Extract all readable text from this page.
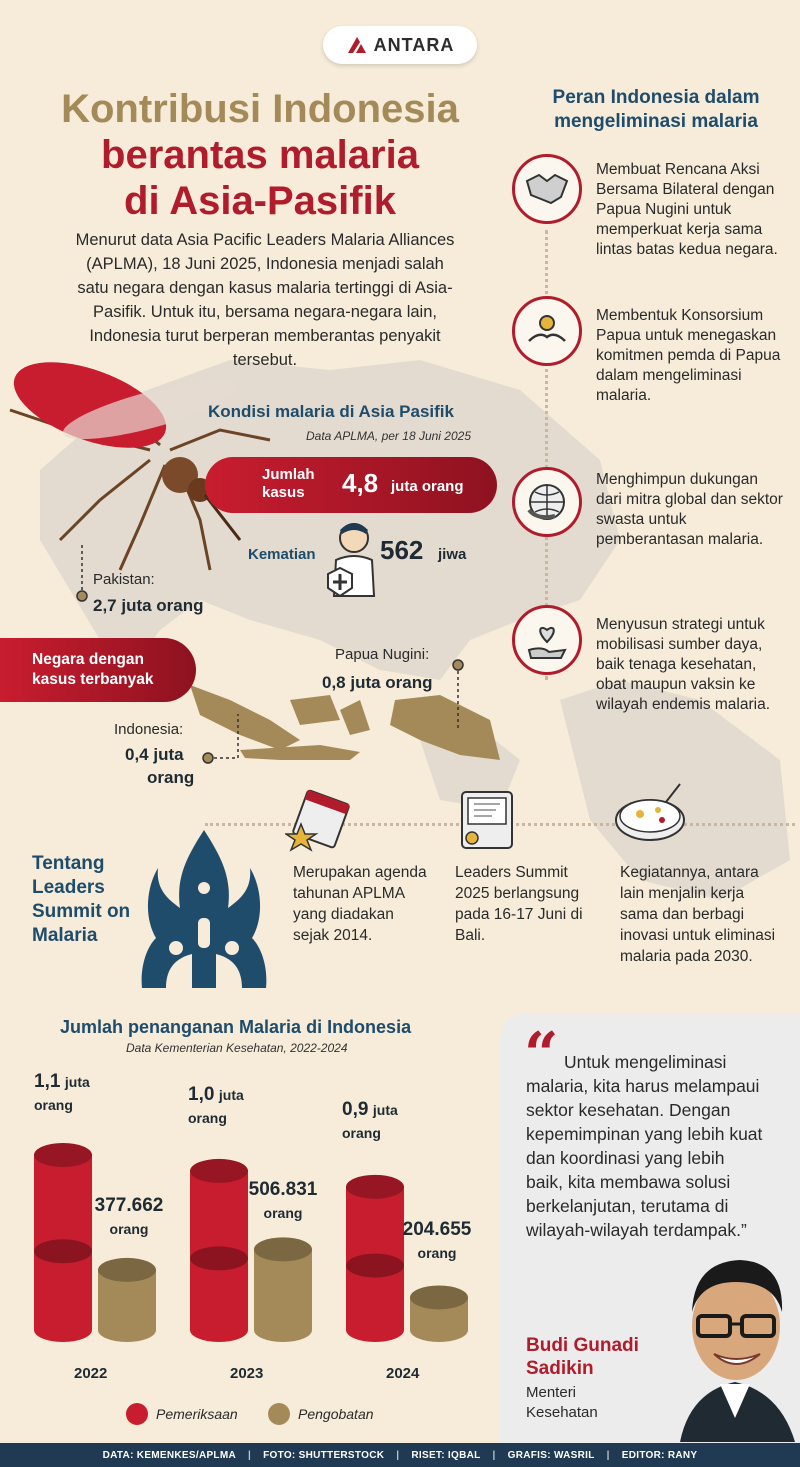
ANTARA
Kontribusi Indonesia
berantas malaria
di Asia-Pasifik

Menurut data Asia Pacific Leaders Malaria Alliances (APLMA), 18 Juni 2025, Indonesia menjadi salah satu negara dengan kasus malaria tertinggi di Asia-Pasifik. Untuk itu, bersama negara-negara lain, Indonesia turut berperan memberantas penyakit tersebut.

Peran Indonesia dalam mengeliminasi malaria
Membuat Rencana Aksi Bersama Bilateral dengan Papua Nugini untuk memperkuat kerja sama lintas batas kedua negara.
Membentuk Konsorsium Papua untuk menegaskan komitmen pemda di Papua dalam mengeliminasi malaria.
Menghimpun dukungan dari mitra global dan sektor swasta untuk pemberantasan malaria.
Menyusun strategi untuk mobilisasi sumber daya, baik tenaga kesehatan, obat maupun vaksin ke wilayah endemis malaria.
Kondisi malaria di Asia Pasifik
Data APLMA, per 18 Juni 2025
Jumlah kasus	4,8 juta orang
Kematian 562 jiwa
Pakistan:
2,7 juta orang
Negara dengan kasus terbanyak
Papua Nugini:
0,8 juta orang
Indonesia:
0,4 juta
orang
Tentang Leaders Summit on Malaria
Merupakan agenda tahunan APLMA yang diadakan sejak 2014.
Leaders Summit 2025 berlangsung pada 16-17 Juni di Bali.
Kegiatannya, antara lain menjalin kerja sama dan berbagi inovasi untuk eliminasi malaria pada 2030.
Jumlah penanganan Malaria di Indonesia
Data Kementerian Kesehatan, 2022-2024
1,1 juta
orang	1,0 juta
orang	0,9 juta
orang
377.662
orang
506.831
orang
204.655
orang
2022	2023	2024
Pemeriksaan	Pengobatan
“ Untuk mengeliminasi malaria, kita harus melampaui sektor kesehatan. Dengan kepemimpinan yang lebih kuat dan koordinasi yang lebih baik, kita membawa solusi berkelanjutan, terutama di wilayah-wilayah terdampak.”

Budi Gunadi Sadikin
Menteri Kesehatan
DATA: KEMENKES/APLMA | FOTO: SHUTTERSTOCK | RISET: IQBAL | GRAFIS: WASRIL | EDITOR: RANY
